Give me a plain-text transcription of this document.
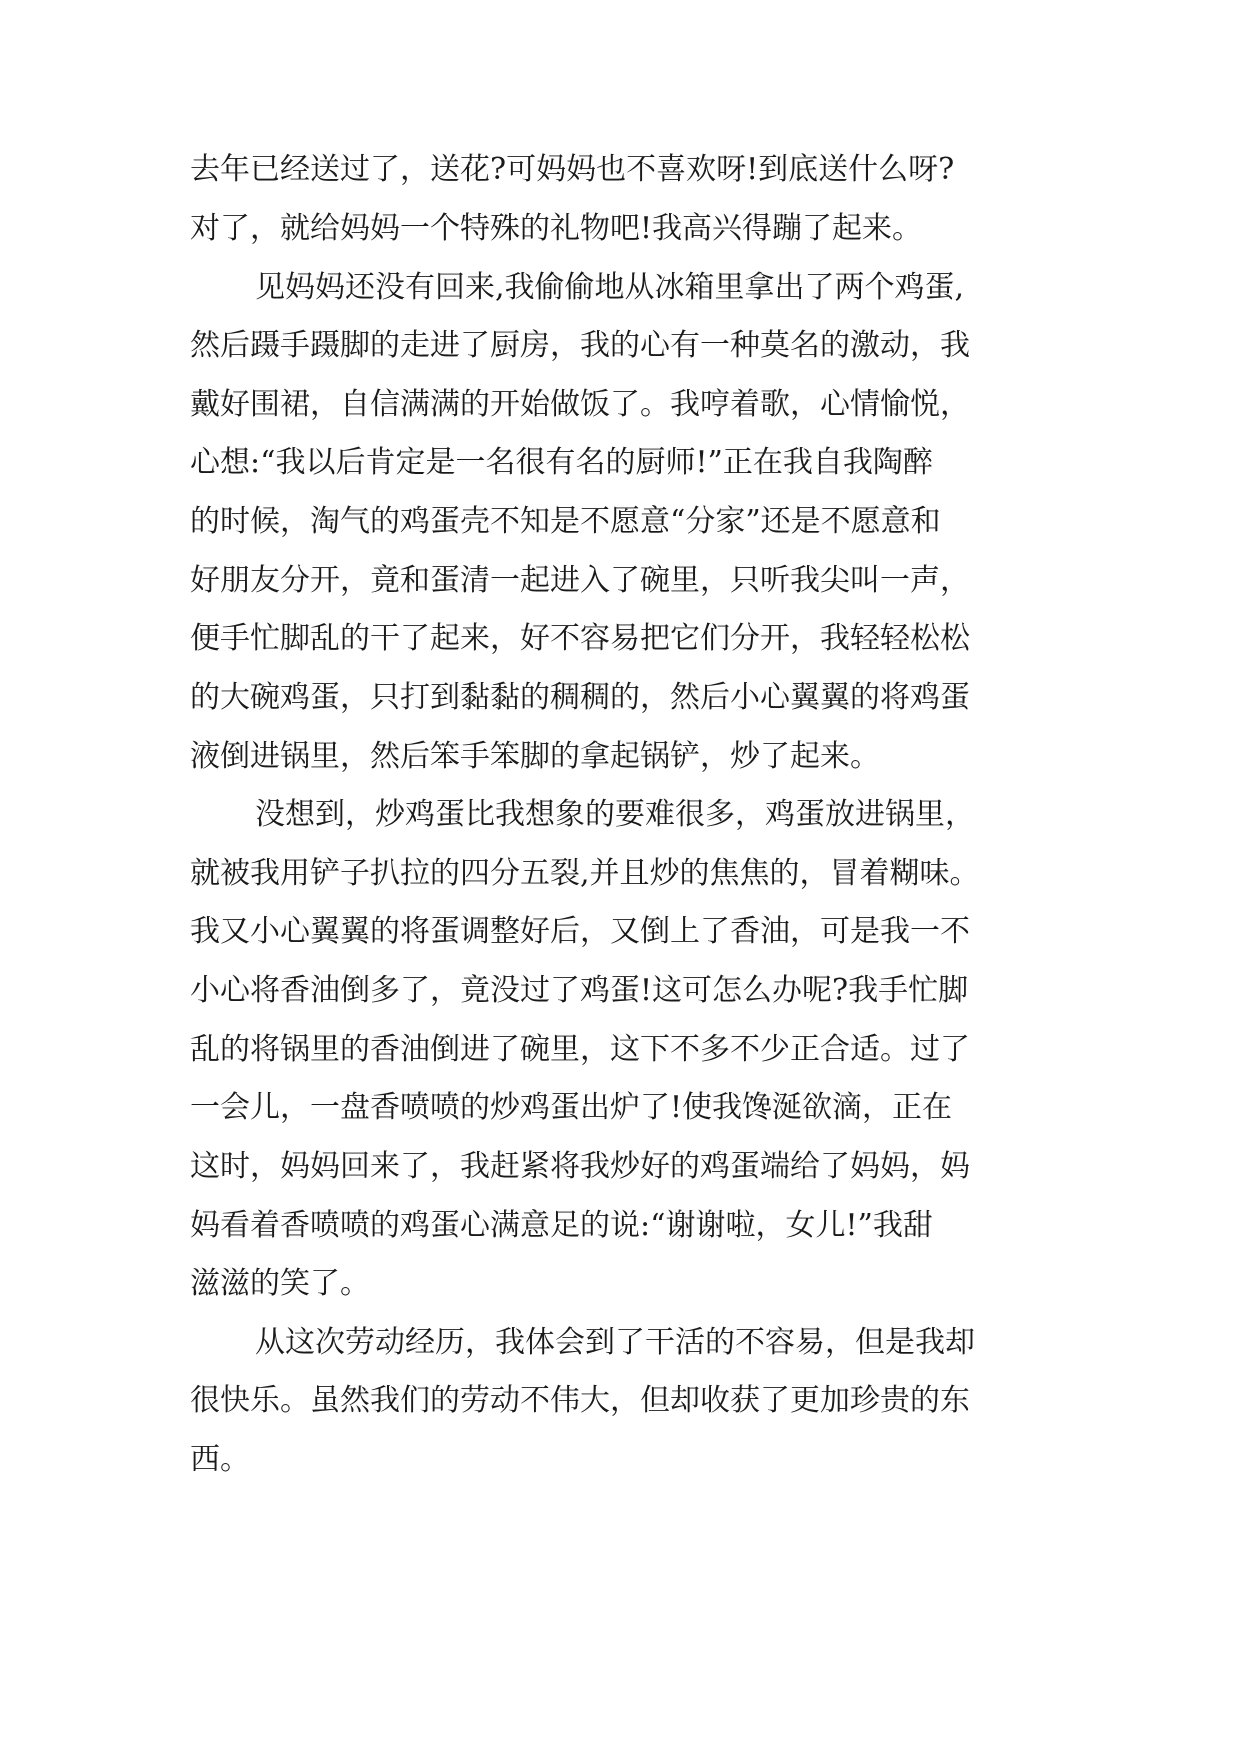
去年已经送过了，送花?可妈妈也不喜欢呀!到底送什么呀?

对了，就给妈妈一个特殊的礼物吧!我高兴得蹦了起来。

见妈妈还没有回来,我偷偷地从冰箱里拿出了两个鸡蛋,

然后蹑手蹑脚的走进了厨房，我的心有一种莫名的激动，我

戴好围裙，自信满满的开始做饭了。我哼着歌，心情愉悦，

心想:“我以后肯定是一名很有名的厨师!”正在我自我陶醉

的时候，淘气的鸡蛋壳不知是不愿意“分家”还是不愿意和

好朋友分开，竟和蛋清一起进入了碗里，只听我尖叫一声，

便手忙脚乱的干了起来，好不容易把它们分开，我轻轻松松

的大碗鸡蛋，只打到黏黏的稠稠的，然后小心翼翼的将鸡蛋

液倒进锅里，然后笨手笨脚的拿起锅铲，炒了起来。

没想到，炒鸡蛋比我想象的要难很多，鸡蛋放进锅里，

就被我用铲子扒拉的四分五裂,并且炒的焦焦的，冒着糊味。

我又小心翼翼的将蛋调整好后，又倒上了香油，可是我一不

小心将香油倒多了，竟没过了鸡蛋!这可怎么办呢?我手忙脚

乱的将锅里的香油倒进了碗里，这下不多不少正合适。过了

一会儿，一盘香喷喷的炒鸡蛋出炉了!使我馋涎欲滴，正在

这时，妈妈回来了，我赶紧将我炒好的鸡蛋端给了妈妈，妈

妈看着香喷喷的鸡蛋心满意足的说:“谢谢啦，女儿!”我甜

滋滋的笑了。

从这次劳动经历，我体会到了干活的不容易，但是我却

很快乐。虽然我们的劳动不伟大，但却收获了更加珍贵的东

西。
